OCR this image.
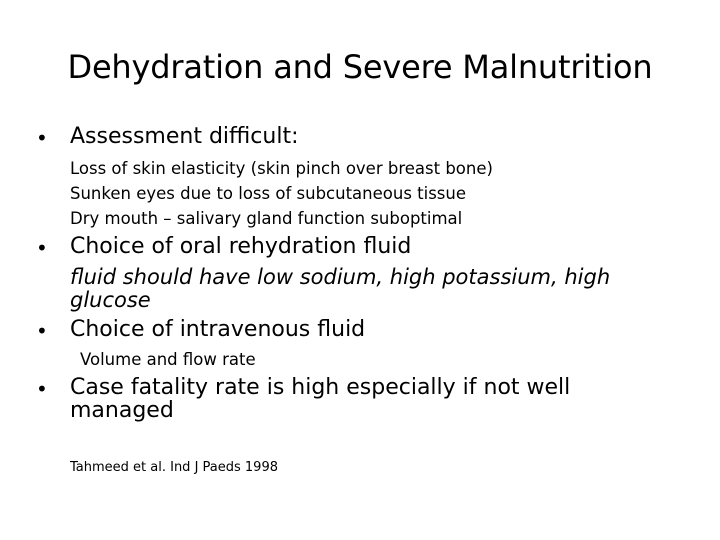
Dehydration and Severe Malnutrition
•	Assessment difficult:
Loss of skin elasticity (skin pinch over breast bone)
Sunken eyes due to loss of subcutaneous tissue
Dry mouth – salivary gland function suboptimal
•	Choice of oral rehydration fluid
fluid should have low sodium, high potassium, high
glucose
•	Choice of intravenous fluid
Volume and flow rate
•	Case fatality rate is high especially if not well
managed
Tahmeed et al. Ind J Paeds 1998
